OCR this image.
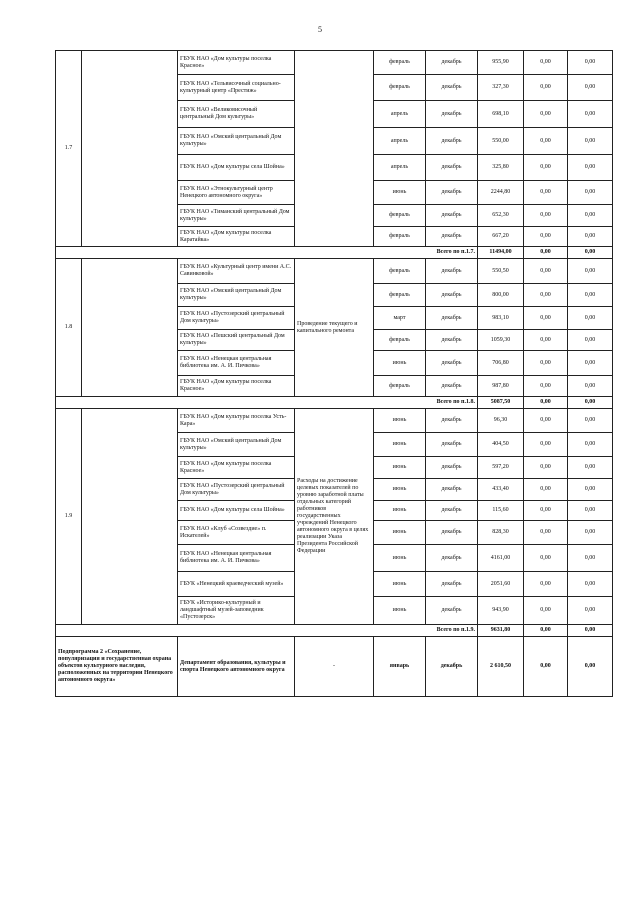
5
1.7		ГБУК НАО «Дом культуры поселка Красное»		февраль	декабрь	955,90	0,00	0,00
		ГБУК НАО «Тельвисочный социально-культурный центр «Престиж»		февраль	декабрь	327,30	0,00	0,00
		ГБУК НАО «Великовисочный центральный Дом культуры»		апрель	декабрь	698,10	0,00	0,00
		ГБУК НАО «Омский центральный Дом культуры»		апрель	декабрь	550,00	0,00	0,00
		ГБУК НАО «Дом культуры села Шойна»		апрель	декабрь	325,80	0,00	0,00
		ГБУК НАО «Этнокультурный центр Ненецкого автономного округа»		июнь	декабрь	2244,80	0,00	0,00
		ГБУК НАО «Тиманский центральный Дом культуры»		февраль	декабрь	652,30	0,00	0,00
		ГБУК НАО «Дом культуры поселка Каратайка»		февраль	декабрь	667,20	0,00	0,00
Всего по п.1.7.						11494,00	0,00	0,00
1.8		ГБУК НАО «Культурный центр имени А.С. Савинковой»	Проведение текущего и капитального ремонта	февраль	декабрь	550,50	0,00	0,00
		ГБУК НАО «Омский центральный Дом культуры»		февраль	декабрь	800,00	0,00	0,00
		ГБУК НАО «Пустозерский центральный Дом культуры»		март	декабрь	983,10	0,00	0,00
		ГБУК НАО «Пешский центральный Дом культуры»		февраль	декабрь	1059,30	0,00	0,00
		ГБУК НАО «Ненецкая центральная библиотека им. А. И. Пичкова»		июнь	декабрь	706,80	0,00	0,00
		ГБУК НАО «Дом культуры поселка Красное»		февраль	декабрь	987,80	0,00	0,00
Всего по п.1.8.						5087,50	0,00	0,00
1.9		ГБУК НАО «Дом культуры поселка Усть-Кара»	Расходы на достижение целевых показателей по уровню заработной платы отдельных категорий работников государственных учреждений Ненецкого автономного округа в целях реализации Указа Президента Российской Федерации	июнь	декабрь	96,30	0,00	0,00
		ГБУК НАО «Омский центральный Дом культуры»		июнь	декабрь	404,50	0,00	0,00
		ГБУК НАО «Дом культуры поселка Красное»		июнь	декабрь	597,20	0,00	0,00
		ГБУК НАО «Пустозерский центральный Дом культуры»		июнь	декабрь	433,40	0,00	0,00
		ГБУК НАО «Дом культуры села Шойна»		июнь	декабрь	115,60	0,00	0,00
		ГБУК НАО «Клуб «Созвездие» п. Искателей»		июнь	декабрь	828,30	0,00	0,00
		ГБУК НАО «Ненецкая центральная библиотека им. А. И. Пичкова»		июнь	декабрь	4161,00	0,00	0,00
		ГБУК «Ненецкий краеведческий музей»		июнь	декабрь	2051,60	0,00	0,00
		ГБУК «Историко-культурный и ландшафтный музей-заповедник «Пустозерск»		июнь	декабрь	943,90	0,00	0,00
Всего по п.1.9.						9631,80	0,00	0,00
Подпрограмма 2 «Сохранение, популяризация и государственная охрана объектов культурного наследия, расположенных на территории Ненецкого автономного округа»		Департамент образования, культуры и спорта Ненецкого автономного округа	-	январь	декабрь	2 610,50	0,00	0,00
